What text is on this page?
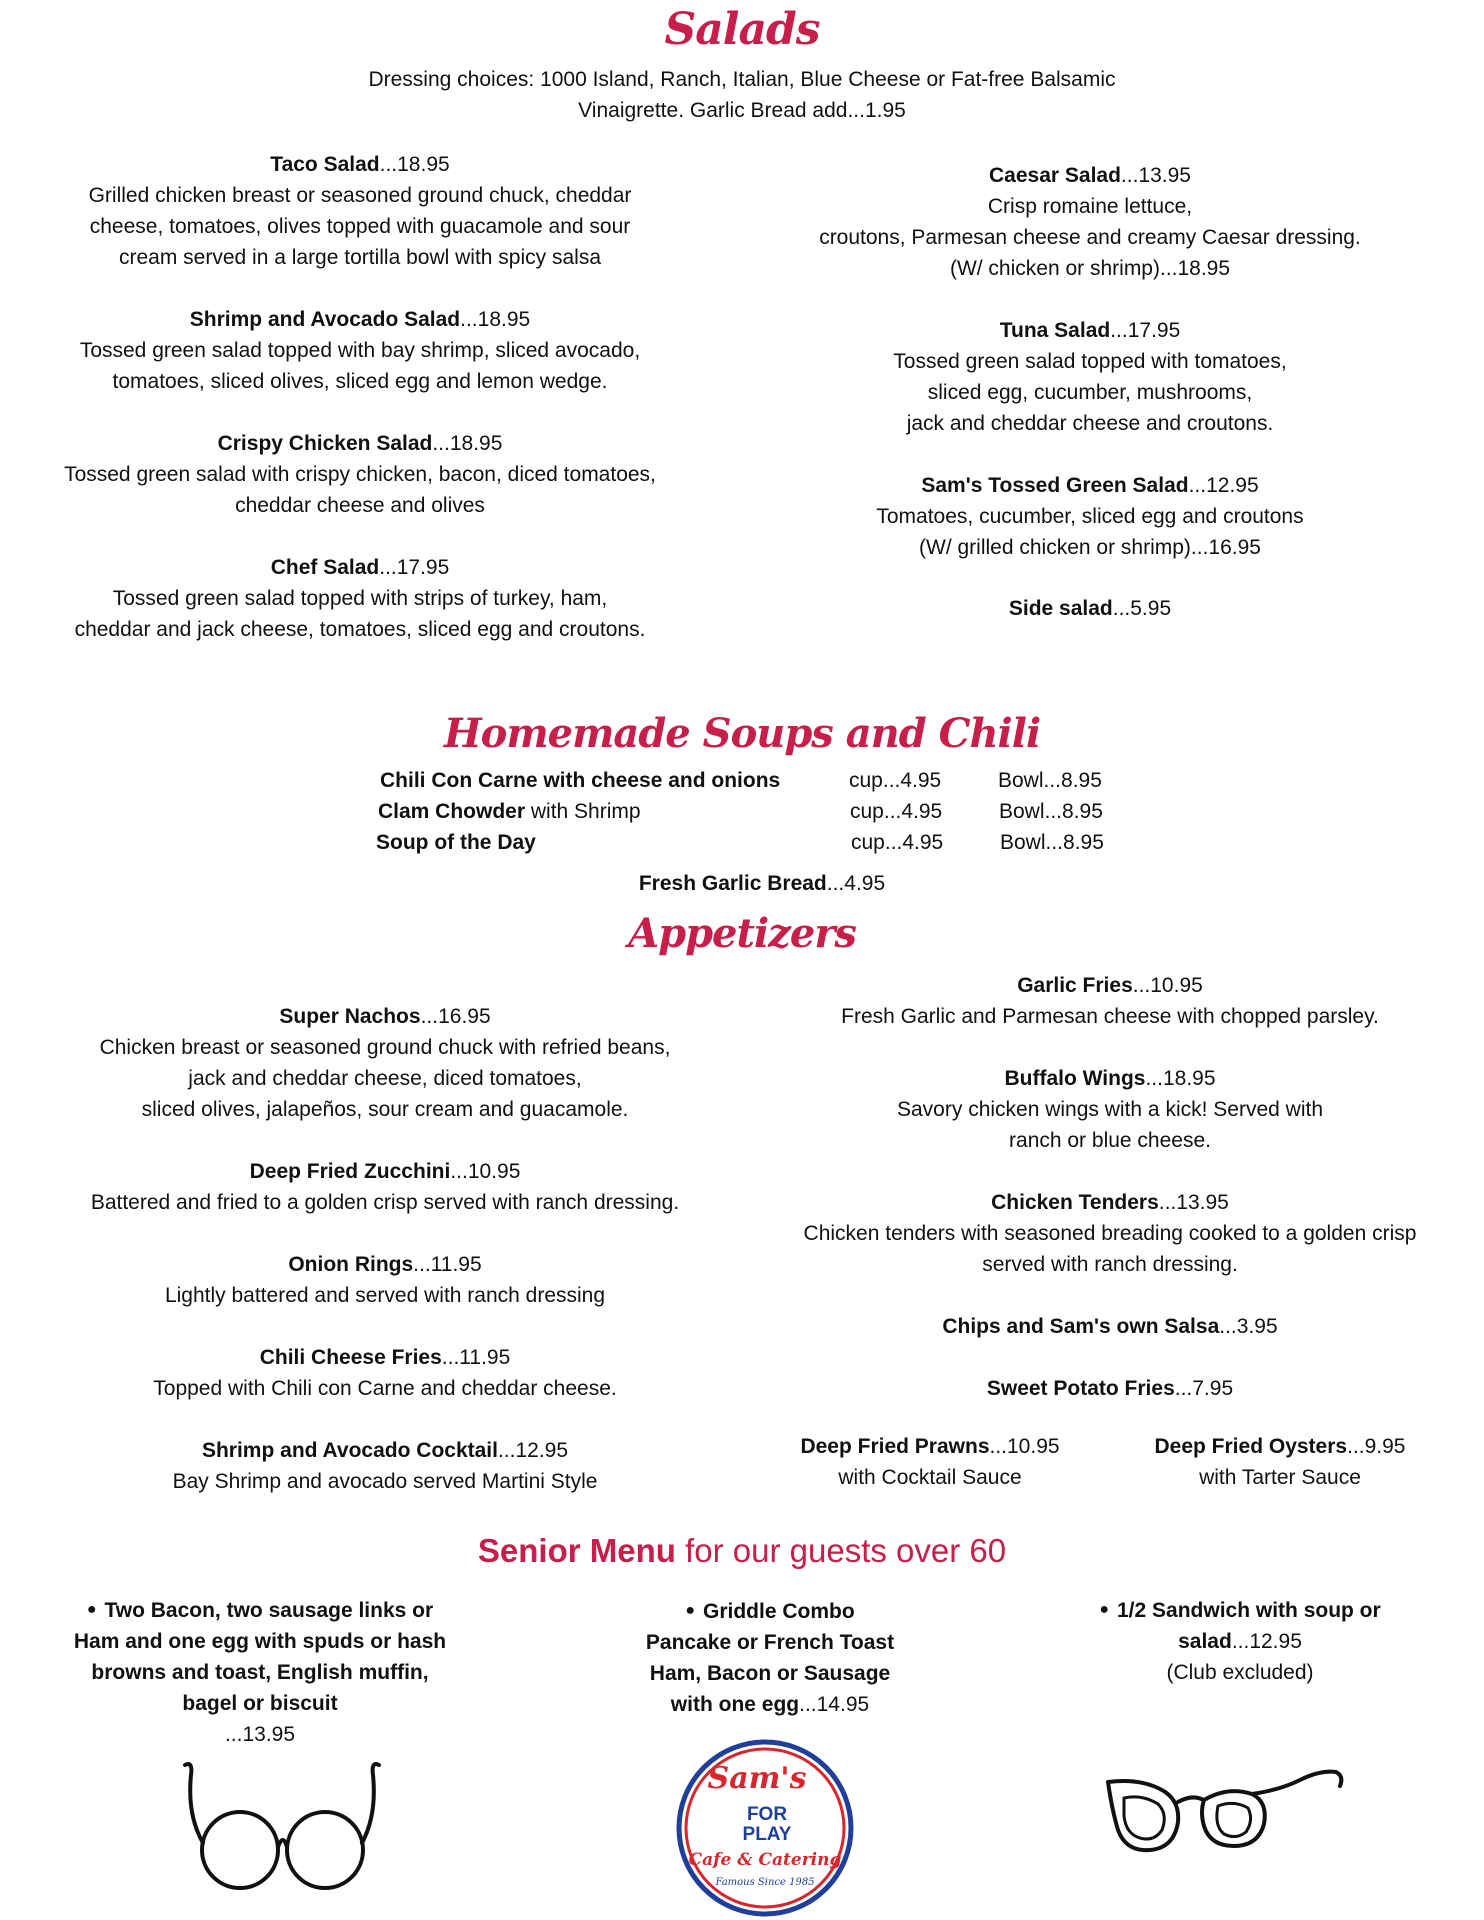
Salads
Dressing choices: 1000 Island, Ranch, Italian, Blue Cheese or Fat-free Balsamic
Vinaigrette. Garlic Bread add...1.95
Taco Salad...18.95
Grilled chicken breast or seasoned ground chuck, cheddar
cheese, tomatoes, olives topped with guacamole and sour
cream served in a large tortilla bowl with spicy salsa
Shrimp and Avocado Salad...18.95
Tossed green salad topped with bay shrimp, sliced avocado,
tomatoes, sliced olives, sliced egg and lemon wedge.
Crispy Chicken Salad...18.95
Tossed green salad with crispy chicken, bacon, diced tomatoes,
cheddar cheese and olives
Chef Salad...17.95
Tossed green salad topped with strips of turkey, ham,
cheddar and jack cheese, tomatoes, sliced egg and croutons.
Caesar Salad...13.95
Crisp romaine lettuce,
croutons, Parmesan cheese and creamy Caesar dressing.
(W/ chicken or shrimp)...18.95
Tuna Salad...17.95
Tossed green salad topped with tomatoes,
sliced egg, cucumber, mushrooms,
jack and cheddar cheese and croutons.
Sam's Tossed Green Salad...12.95
Tomatoes, cucumber, sliced egg and croutons
(W/ grilled chicken or shrimp)...16.95
Side salad...5.95
Homemade Soups and Chili
Chili Con Carne with cheese and onions	cup...4.95	Bowl...8.95
Clam Chowder with Shrimp	cup...4.95	Bowl...8.95
Soup of the Day	cup...4.95	Bowl...8.95
Fresh Garlic Bread...4.95
Appetizers
Super Nachos...16.95
Chicken breast or seasoned ground chuck with refried beans,
jack and cheddar cheese, diced tomatoes,
sliced olives, jalapeños, sour cream and guacamole.
Deep Fried Zucchini...10.95
Battered and fried to a golden crisp served with ranch dressing.
Onion Rings...11.95
Lightly battered and served with ranch dressing
Chili Cheese Fries...11.95
Topped with Chili con Carne and cheddar cheese.
Shrimp and Avocado Cocktail...12.95
Bay Shrimp and avocado served Martini Style
Garlic Fries...10.95
Fresh Garlic and Parmesan cheese with chopped parsley.
Buffalo Wings...18.95
Savory chicken wings with a kick! Served with
ranch or blue cheese.
Chicken Tenders...13.95
Chicken tenders with seasoned breading cooked to a golden crisp
served with ranch dressing.
Chips and Sam's own Salsa...3.95
Sweet Potato Fries...7.95
Deep Fried Prawns...10.95
with Cocktail Sauce
Deep Fried Oysters...9.95
with Tarter Sauce
Senior Menu for our guests over 60
● Two Bacon, two sausage links or
Ham and one egg with spuds or hash
browns and toast, English muffin,
bagel or biscuit
...13.95
● Griddle Combo
Pancake or French Toast
Ham, Bacon or Sausage
with one egg...14.95
● 1/2 Sandwich with soup or
salad...12.95
(Club excluded)
Sam's
FOR
PLAY
Cafe & Catering
Famous Since 1985
